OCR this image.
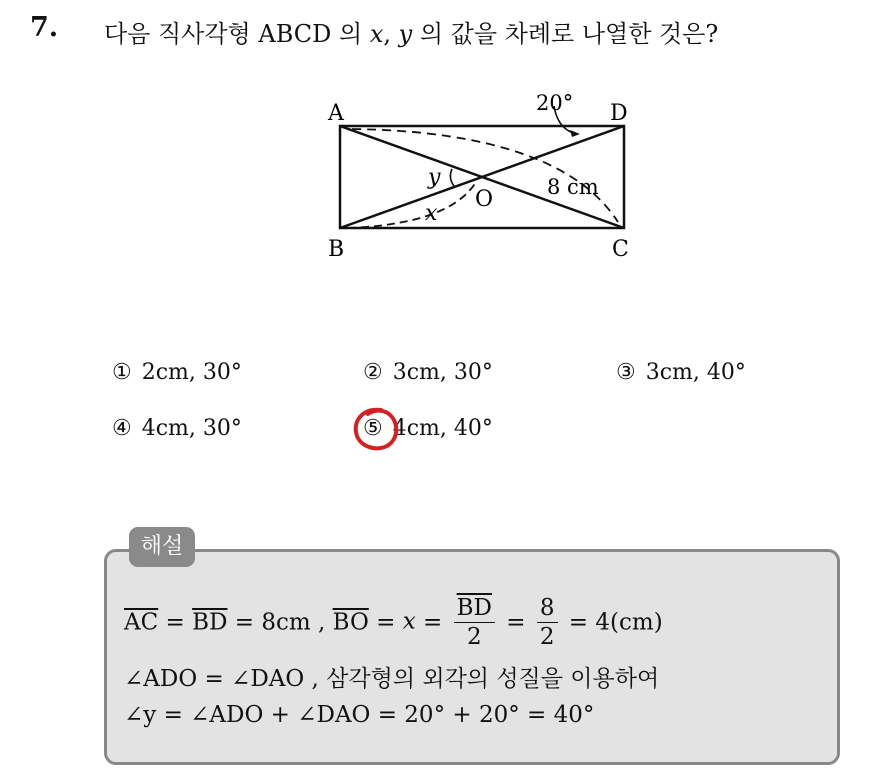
7. 다음 직사각형 ABCD 의 x, y 의 값을 차례로 나열한 것은?
A	D
B	C
O
20°
8 cm
y
x
① 2cm, 30°	② 3cm, 30°	③ 3cm, 40°
④ 4cm, 30°	⑤ 4cm, 40°
해설
$\overline{AC} = \overline{BD} = 8cm$ , $\overline{BO} = x = \frac{\overline{BD}}{2} = \frac{8}{2} = 4(cm)$
∠ADO = ∠DAO , 삼각형의 외각의 성질을 이용하여
∠y = ∠ADO + ∠DAO = 20° + 20° = 40°
